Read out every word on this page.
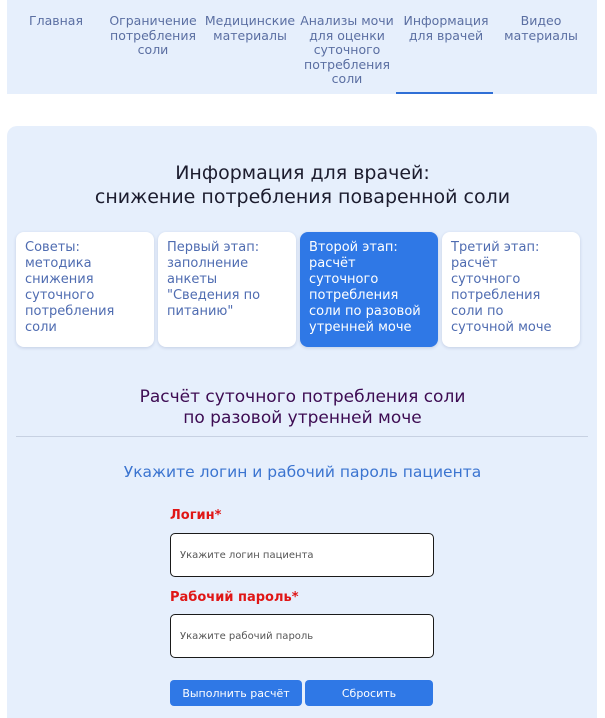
Главная	Ограничение
потребления
соли
Медицинские
материалы
Анализы мочи
для оценки
суточного
потребления
соли
Информация
для врачей
Видео
материалы
Информация для врачей:
снижение потребления поваренной соли
Советы:
методика
снижения
суточного
потребления
соли
Первый этап:
заполнение
анкеты
"Сведения по
питанию"
Второй этап:
расчёт суточного
потребления
соли по разовой
утренней моче
Третий этап:
расчёт суточного
потребления
соли по
суточной моче
Расчёт суточного потребления соли
по разовой утренней моче
Укажите логин и рабочий пароль пациента
Логин*
Укажите логин пациента
Рабочий пароль*
Укажите рабочий пароль
Выполнить расчёт	Сбросить
